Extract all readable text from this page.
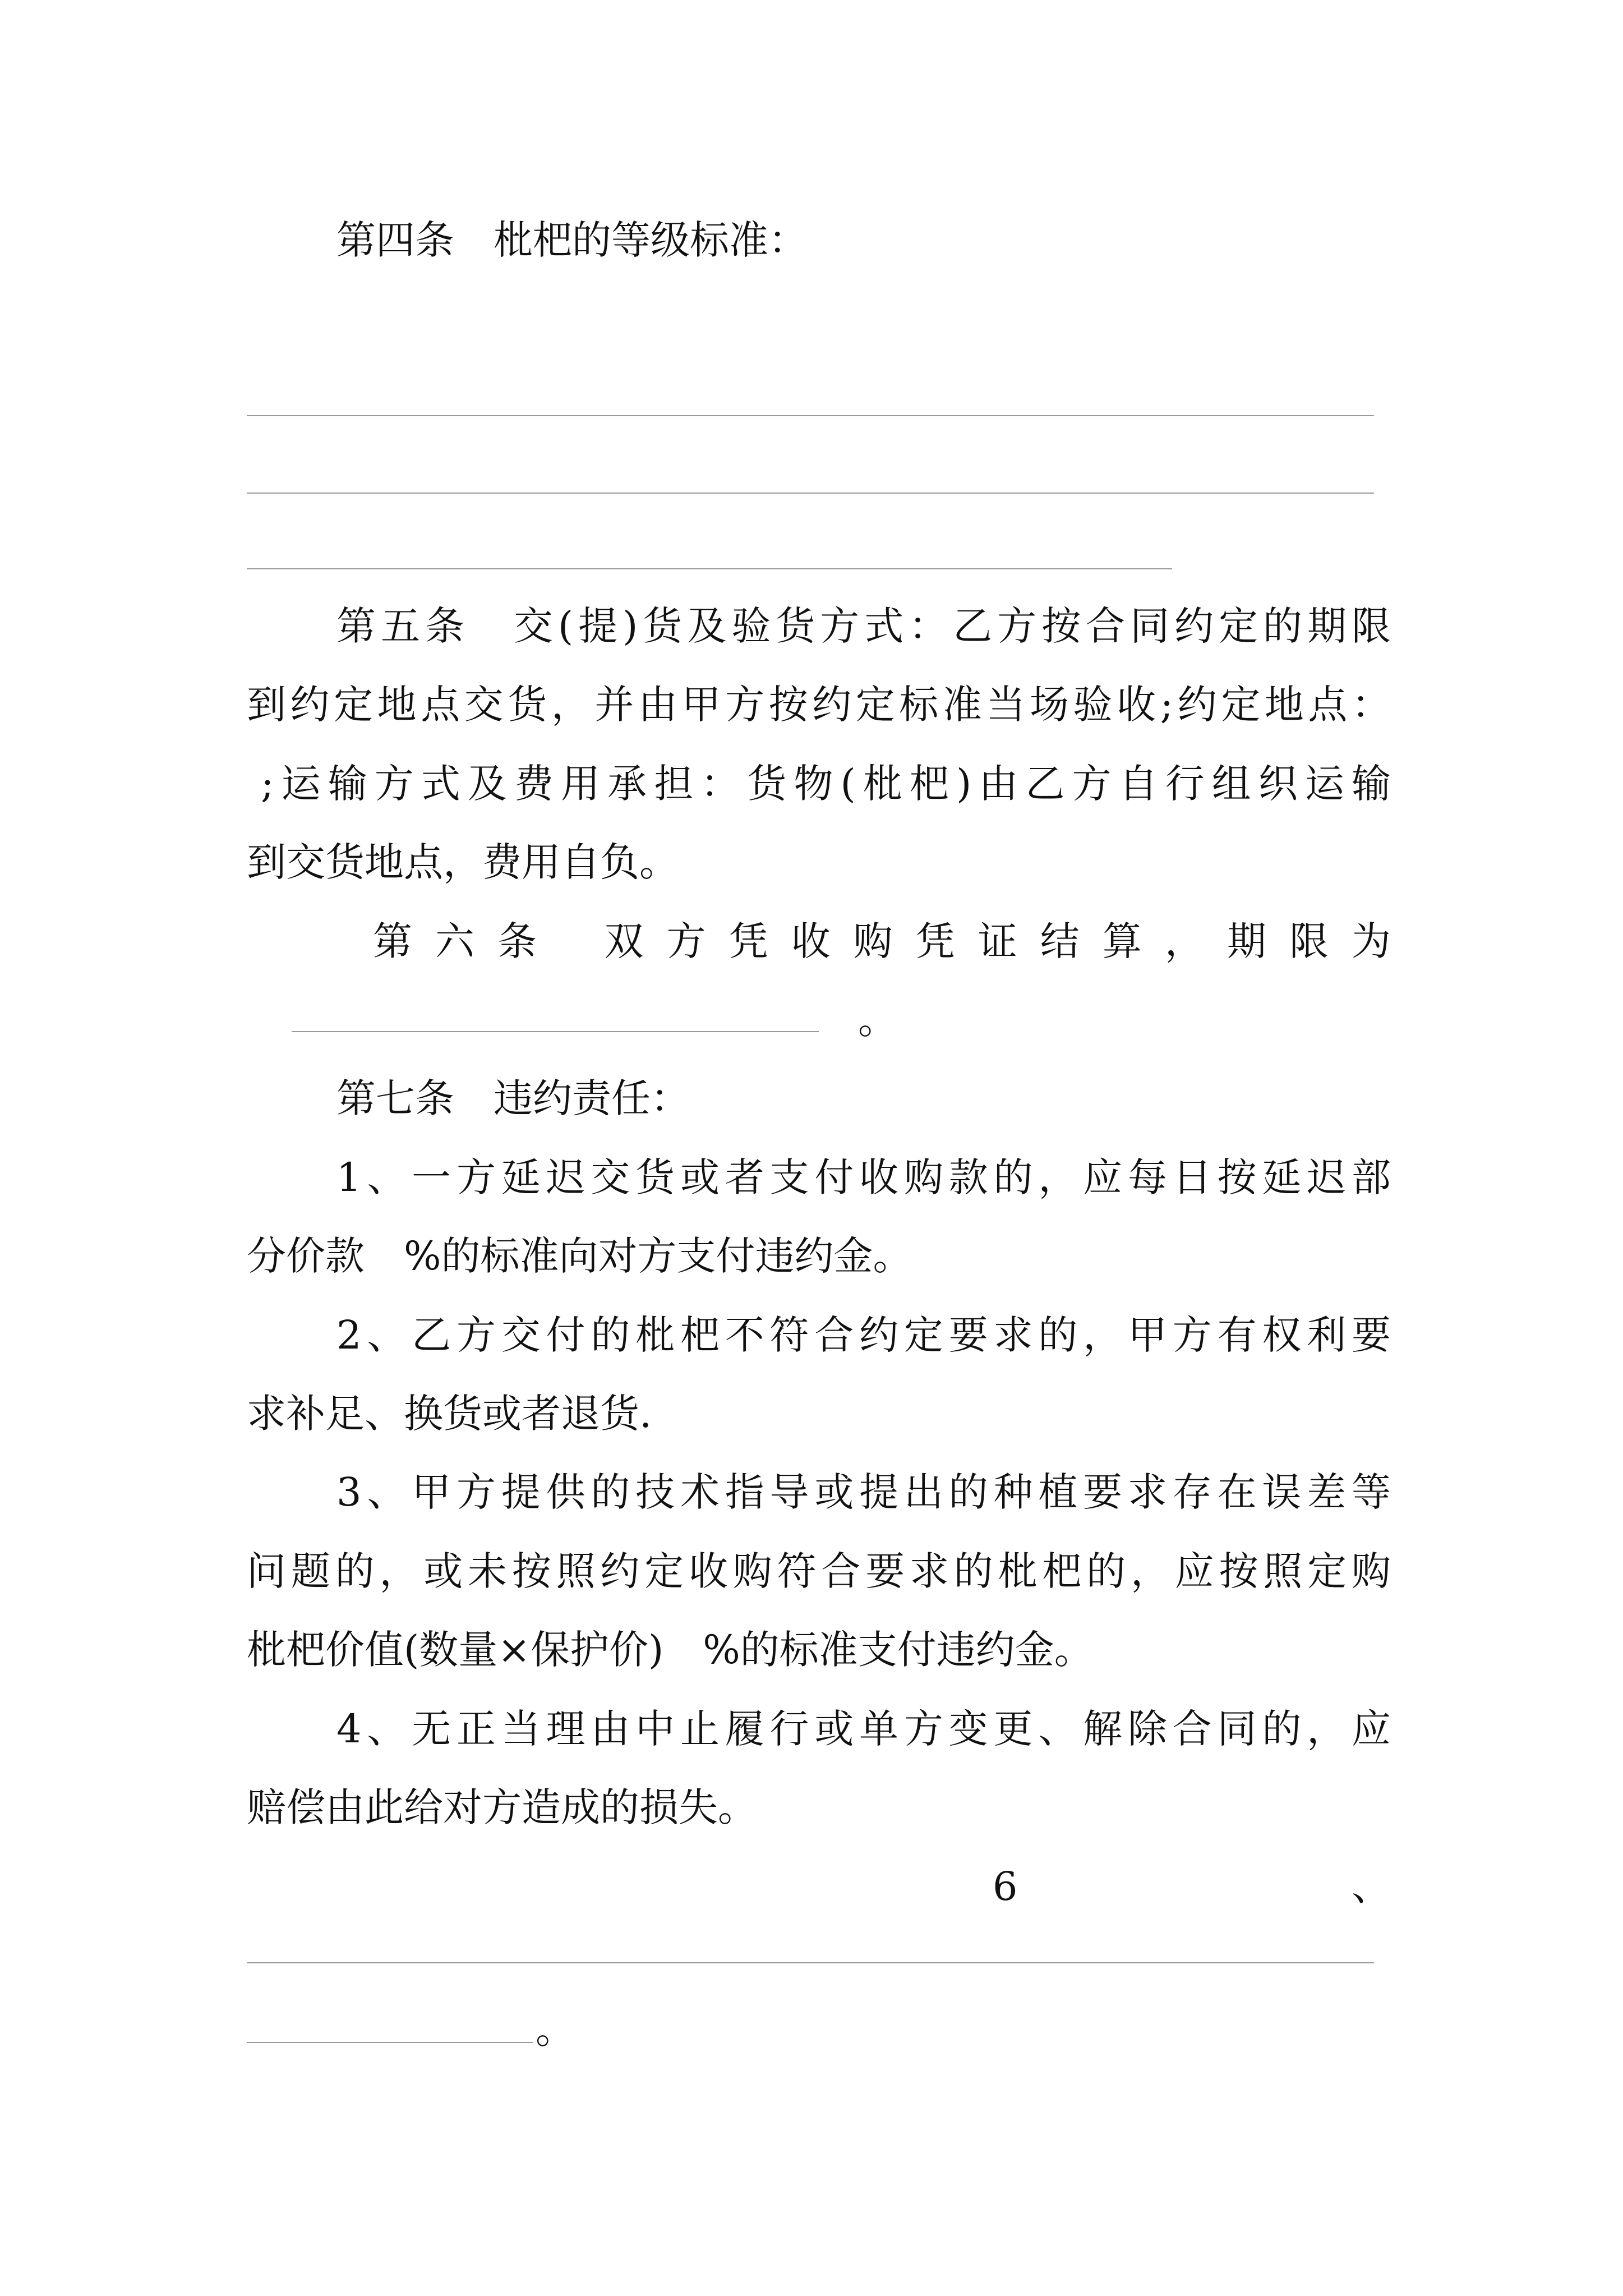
第四条　枇杷的等级标准：

第五条　交(提)货及验货方式：乙方按合同约定的期限

到约定地点交货，并由甲方按约定标准当场验收;约定地点：

;运输方式及费用承担：货物(枇杷)由乙方自行组织运输

到交货地点，费用自负。

第 六 条　 双 方 凭 收 购 凭 证 结 算 ， 期 限 为

。

第七条　违约责任：

1、一方延迟交货或者支付收购款的，应每日按延迟部

分价款　%的标准向对方支付违约金。

2、乙方交付的枇杷不符合约定要求的，甲方有权利要

求补足、换货或者退货.

3、甲方提供的技术指导或提出的种植要求存在误差等

问题的，或未按照约定收购符合要求的枇杷的，应按照定购

枇杷价值(数量×保护价)　%的标准支付违约金。

4、无正当理由中止履行或单方变更、解除合同的，应

赔偿由此给对方造成的损失。

6	、

。
